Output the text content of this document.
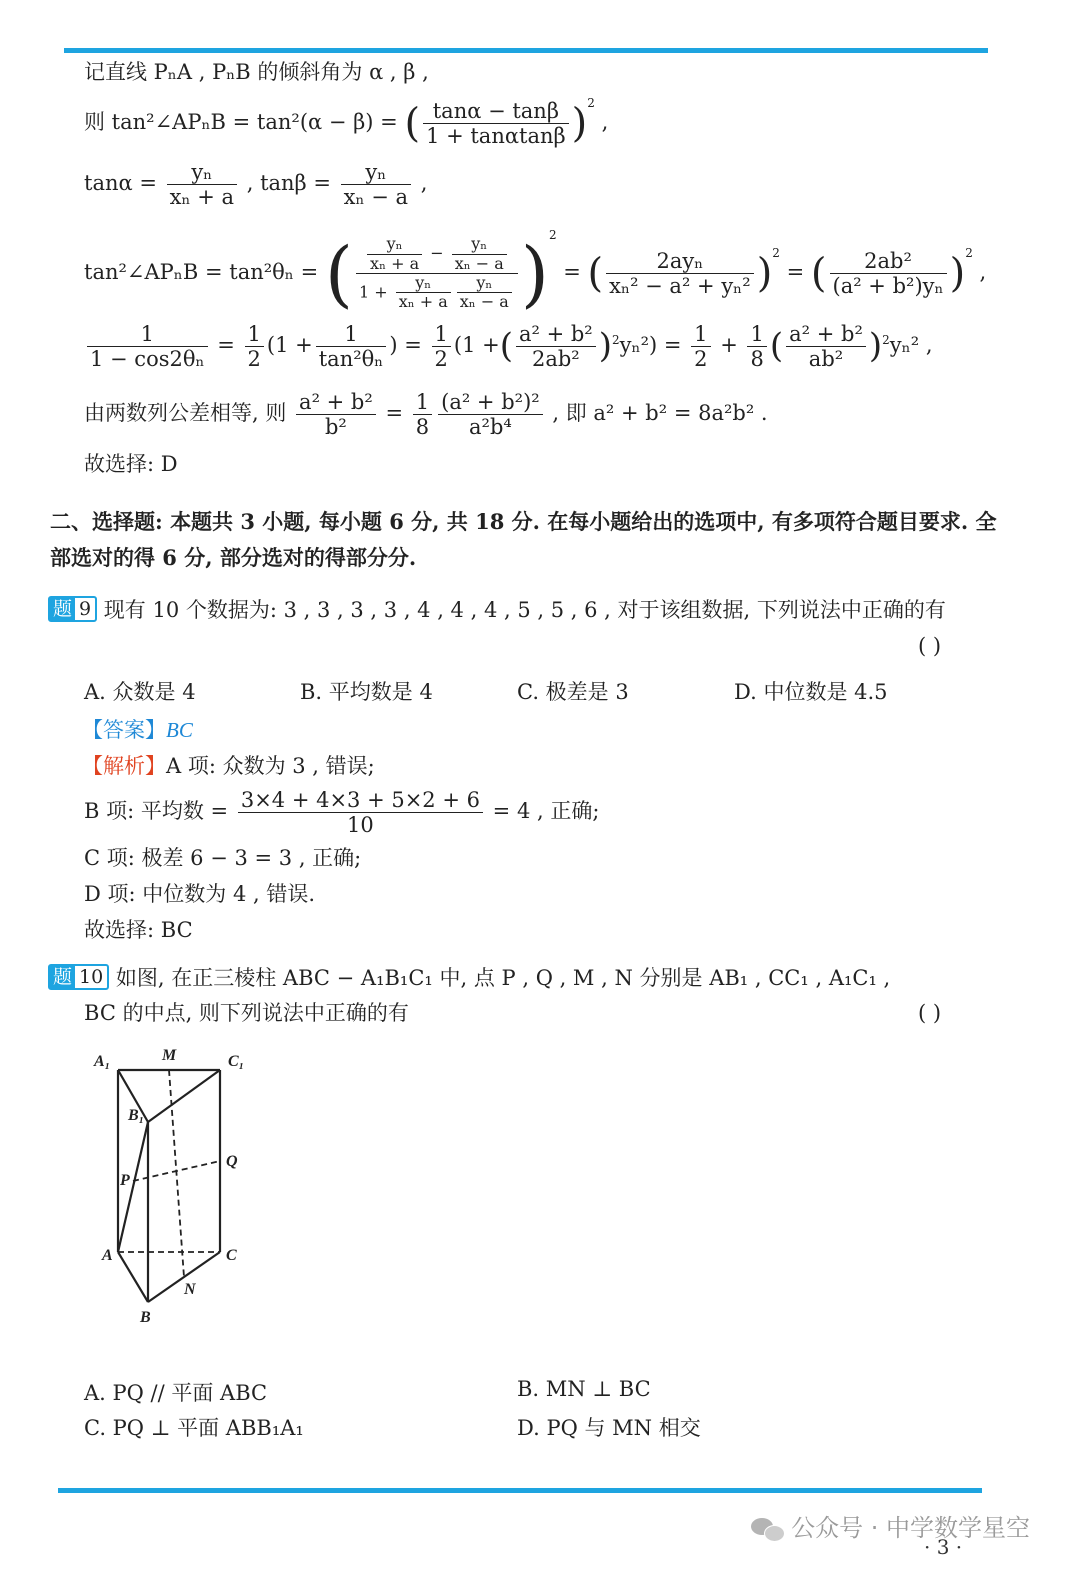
记直线 PₙA , PₙB 的倾斜角为 α , β ,
则 tan²∠APₙB = tan²(α − β) = ( $\frac{\tan\alpha - \tan\beta}{1 + \tan\alpha\tan\beta} )^2$ ,
$\tan\alpha = \frac{\text{yₙ}}{\text{xₙ + a}}$ , $\tan\beta = \frac{\text{yₙ}}{\text{xₙ − a}}$ ,
tan²∠APₙB = tan²θₙ = ( $\frac{\frac{\text{yₙ}}{\text{xₙ + a}} - \frac{\text{yₙ}}{\text{xₙ − a}}}{1 + \frac{\text{yₙ}}{\text{xₙ + a}} \frac{\text{yₙ}}{\text{xₙ − a}}} )^2$ = ( $\frac{\text{2ayₙ}}{\text{xₙ² − a² + yₙ²}} )^2$ = ( $\frac{\text{2ab²}}{\text{(a² + b²)yₙ}} )^2$ ,
$\frac{1}{\text{1 − cos2θₙ}} = \frac{1}{2} (1 + \frac{1}{\text{tan²θₙ}}$ ) = $\frac{1}{2} (1$ +( $\frac{\text{a² + b²}}{\text{2ab²}} )^2y_n^2) = \frac{1}{2} + \frac{1}{8}$ ( $\frac{\text{a² + b²}}{\text{ab²}} )^2y_n^2$ ,
由两数列公差相等, 则 $\frac{\text{a² + b²}}{\text{b²}} = \frac{1}{8} \frac{\text{(a² + b²)²}}{\text{a²b⁴}}$ , 即 a² + b² = 8a²b² .
故选择: D
二、选择题: 本题共 3 小题, 每小题 6 分, 共 18 分. 在每小题给出的选项中, 有多项符合题目要求. 全部选对的得 6 分, 部分选对的得部分分.
题 9 现有 10 个数据为: 3 , 3 , 3 , 3 , 4 , 4 , 4 , 5 , 5 , 6 , 对于该组数据, 下列说法中正确的有
( )
A. 众数是 4	B. 平均数是 4	C. 极差是 3	D. 中位数是 4.5
【答案】BC
【解析】A 项: 众数为 3 , 错误;
B 项: 平均数 = $\frac{3\times 4 + 4\times 3 + 5\times 2 + 6}{10} = 4$ , 正确;
C 项: 极差 6 − 3 = 3 , 正确;
D 项: 中位数为 4 , 错误.
故选择: BC
题 10 如图, 在正三棱柱 ABC − A₁B₁C₁ 中, 点 P , Q , M , N 分别是 AB₁ , CC₁ , A₁C₁ ,
BC 的中点, 则下列说法中正确的有	( )
A₁	M	C₁
B₁
Q
P
A	C
N
B
A. PQ // 平面 ABC	B. MN ⊥ BC
C. PQ ⊥ 平面 ABB₁A₁	D. PQ 与 MN 相交
公众号 · 中学数学星空
· 3 ·
